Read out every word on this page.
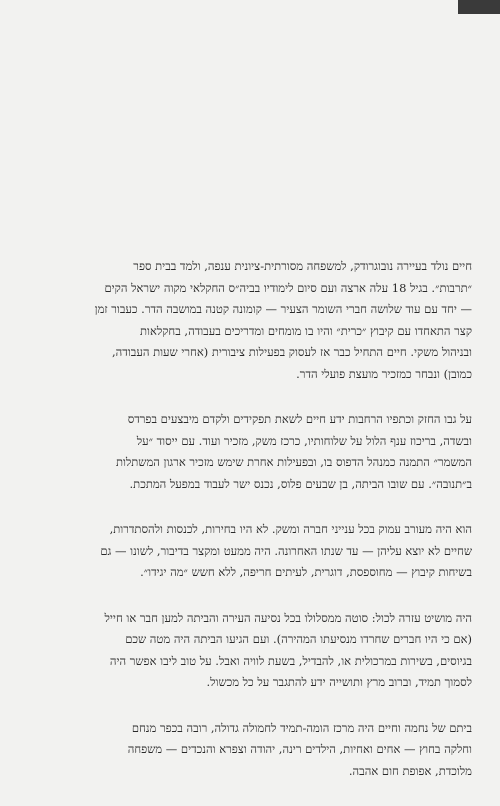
חיים נולד בעיירה נובוגרודק, למשפחה מסורתית-ציונית ענפה, ולמד בבית ספר
״תרבות״. בגיל 18 עלה ארצה ועם סיום לימודיו בביה״ס החקלאי מקוה ישראל הקים
— יחד עם עוד שלושה חברי השומר הצעיר — קומונה קטנה במושבה הדר. כעבור זמן
קצר התאחדו עם קיבוץ ״כרית״ והיו בו מומחים ומדריכים בעבודה, בחקלאות
ובניהול משקי. חיים התחיל כבר אז לעסוק בפעילות ציבורית (אחרי שעות העבודה,
כמובן) ונבחר כמזכיר מועצת פועלי הדר.

על גבו החזק וכתפיו הרחבות ידע חיים לשאת תפקידים ולקדם מיבצעים בפרדס
ובשדה, בריכוז ענף הלול על שלוחותיו, כרכז משק, מזכיר ועוד. עם ייסוד ״על
המשמר״ התמנה כמנהל הדפוס בו, ובפעילות אחרת שימש מזכיר ארגון המשתלות
ב״תנובה״. עם שובו הביתה, בן שבעים פלוס, נכנס ישר לעבוד במפעל המתכת.

הוא היה מעורב עמוק בכל ענייני חברה ומשק. לא היו בחירות, לכנסות ולהסתדרות,
שחיים לא יוצא עליהן — עד שנתו האחרונה. היה ממעט ומקצר בדיבור, לשונו — גם
בשיחות קיבוץ — מחוספסת, דוגרית, לעיתים חריפה, ללא חשש ״מה יגידו״.

היה מושיט עזרה לכול: סוטה ממסלולו בכל נסיעה העירה והביתה למען חבר או חייל
(אם כי היו חברים שחרדו מנסיעתו המהירה). ועם הגיעו הביתה היה מטה שכם
בגיוסים, בשירות במרכולית או, להבדיל, בשעת לוויה ואבל. על טוב ליבו אפשר היה
לסמוך תמיד, וברוב מרץ ותושייה ידע להתגבר על כל מכשול.

ביתם של נחמה וחיים היה מרכז הומה-תמיד לחמולה גדולה, רובה בכפר מנחם
וחלקה בחוץ — אחים ואחיות, הילדים רינה, יהודה וצפרא והנכדים — משפחה
מלוכדת, אפופת חום אהבה.
